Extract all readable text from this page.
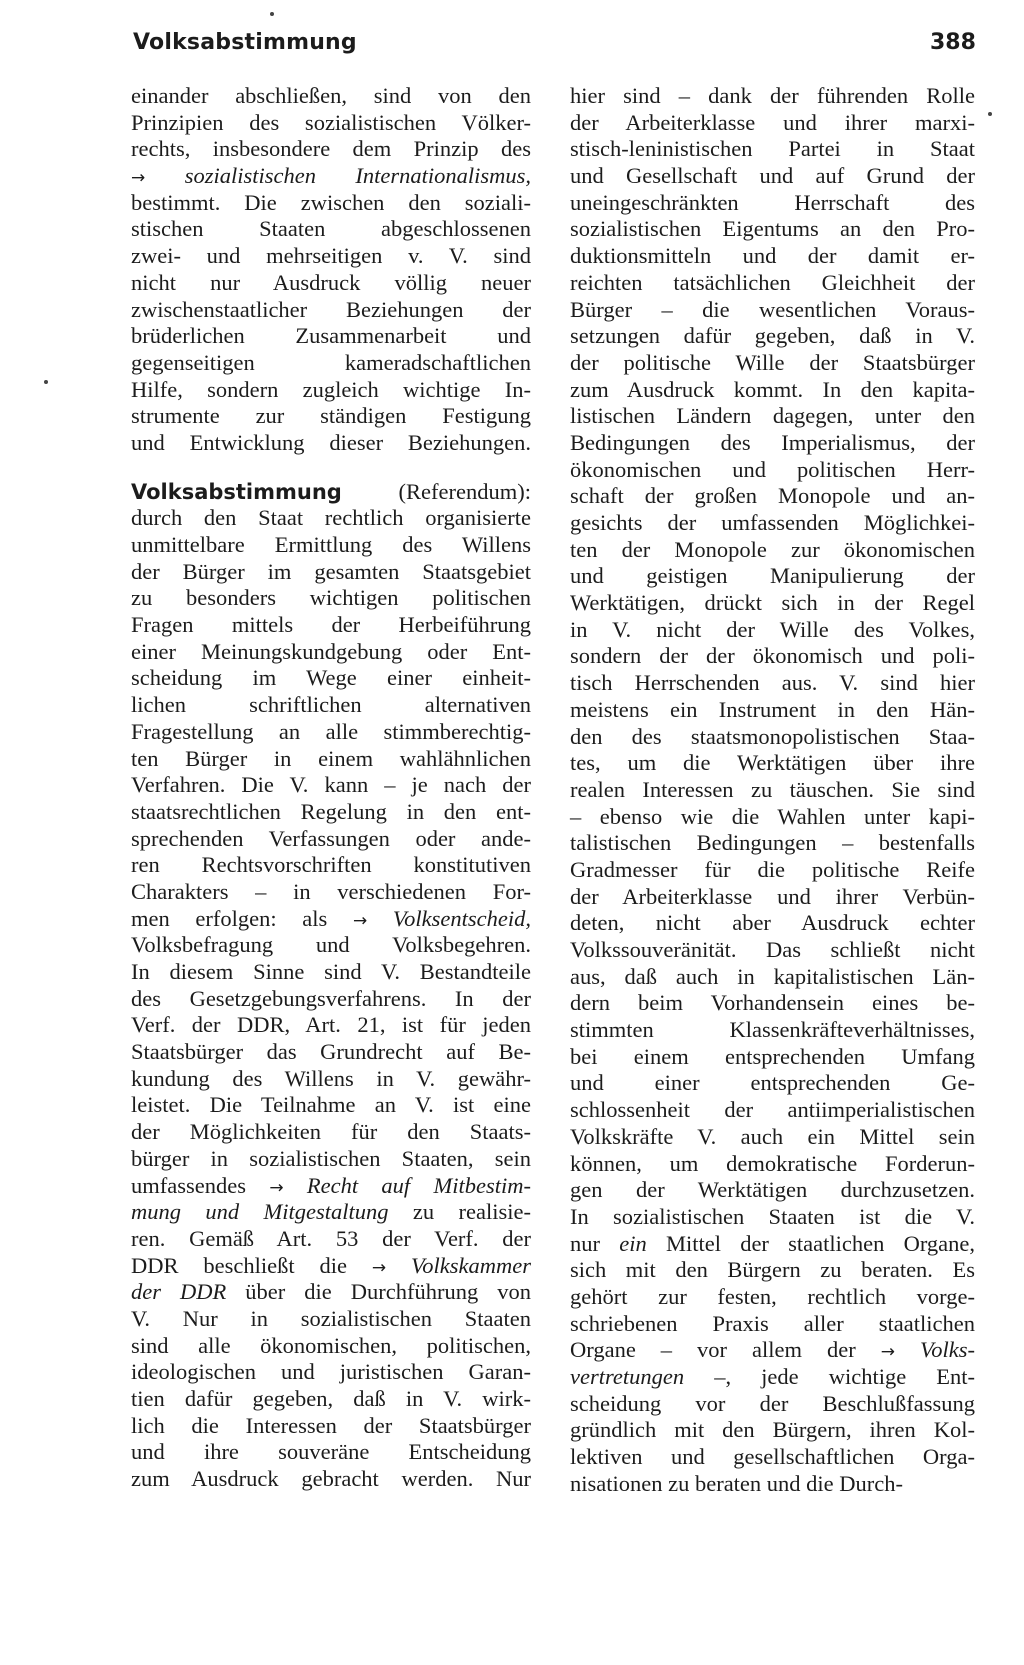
Volksabstimmung	388
einander abschließen, sind von den
Prinzipien des sozialistischen Völker-
rechts, insbesondere dem Prinzip des
→ sozialistischen Internationalismus,
bestimmt. Die zwischen den soziali-
stischen Staaten abgeschlossenen
zwei- und mehrseitigen v. V. sind
nicht nur Ausdruck völlig neuer
zwischenstaatlicher Beziehungen der
brüderlichen Zusammenarbeit und
gegenseitigen kameradschaftlichen
Hilfe, sondern zugleich wichtige In-
strumente zur ständigen Festigung
und Entwicklung dieser Beziehungen.
Volksabstimmung	(Referendum):
durch den Staat rechtlich organisierte
unmittelbare Ermittlung des Willens
der Bürger im gesamten Staatsgebiet
zu besonders wichtigen politischen
Fragen mittels der Herbeiführung
einer Meinungskundgebung oder Ent-
scheidung im Wege einer einheit-
lichen schriftlichen alternativen
Fragestellung an alle stimmberechtig-
ten Bürger in einem wahlähnlichen
Verfahren. Die V. kann – je nach der
staatsrechtlichen Regelung in den ent-
sprechenden Verfassungen oder ande-
ren Rechtsvorschriften konstitutiven
Charakters – in verschiedenen For-
men erfolgen: als → Volksentscheid,
Volksbefragung und Volksbegehren.
In diesem Sinne sind V. Bestandteile
des Gesetzgebungsverfahrens. In der
Verf. der DDR, Art. 21, ist für jeden
Staatsbürger das Grundrecht auf Be-
kundung des Willens in V. gewähr-
leistet. Die Teilnahme an V. ist eine
der Möglichkeiten für den Staats-
bürger in sozialistischen Staaten, sein
umfassendes → Recht auf Mitbestim-
mung und Mitgestaltung zu realisie-
ren. Gemäß Art. 53 der Verf. der
DDR beschließt die → Volkskammer
der DDR über die Durchführung von
V. Nur in sozialistischen Staaten
sind alle ökonomischen, politischen,
ideologischen und juristischen Garan-
tien dafür gegeben, daß in V. wirk-
lich die Interessen der Staatsbürger
und ihre souveräne Entscheidung
zum Ausdruck gebracht werden. Nur
hier sind – dank der führenden Rolle
der Arbeiterklasse und ihrer marxi-
stisch-leninistischen Partei in Staat
und Gesellschaft und auf Grund der
uneingeschränkten Herrschaft des
sozialistischen Eigentums an den Pro-
duktionsmitteln und der damit er-
reichten tatsächlichen Gleichheit der
Bürger – die wesentlichen Voraus-
setzungen dafür gegeben, daß in V.
der politische Wille der Staatsbürger
zum Ausdruck kommt. In den kapita-
listischen Ländern dagegen, unter den
Bedingungen des Imperialismus, der
ökonomischen und politischen Herr-
schaft der großen Monopole und an-
gesichts der umfassenden Möglichkei-
ten der Monopole zur ökonomischen
und geistigen Manipulierung der
Werktätigen, drückt sich in der Regel
in V. nicht der Wille des Volkes,
sondern der der ökonomisch und poli-
tisch Herrschenden aus. V. sind hier
meistens ein Instrument in den Hän-
den des staatsmonopolistischen Staa-
tes, um die Werktätigen über ihre
realen Interessen zu täuschen. Sie sind
– ebenso wie die Wahlen unter kapi-
talistischen Bedingungen – bestenfalls
Gradmesser für die politische Reife
der Arbeiterklasse und ihrer Verbün-
deten, nicht aber Ausdruck echter
Volkssouveränität. Das schließt nicht
aus, daß auch in kapitalistischen Län-
dern beim Vorhandensein eines be-
stimmten Klassenkräfteverhältnisses,
bei einem entsprechenden Umfang
und einer entsprechenden Ge-
schlossenheit der antiimperialistischen
Volkskräfte V. auch ein Mittel sein
können, um demokratische Forderun-
gen der Werktätigen durchzusetzen.
In sozialistischen Staaten ist die V.
nur ein Mittel der staatlichen Organe,
sich mit den Bürgern zu beraten. Es
gehört zur festen, rechtlich vorge-
schriebenen Praxis aller staatlichen
Organe – vor allem der → Volks-
vertretungen –, jede wichtige Ent-
scheidung vor der Beschlußfassung
gründlich mit den Bürgern, ihren Kol-
lektiven und gesellschaftlichen Orga-
nisationen zu beraten und die Durch-
